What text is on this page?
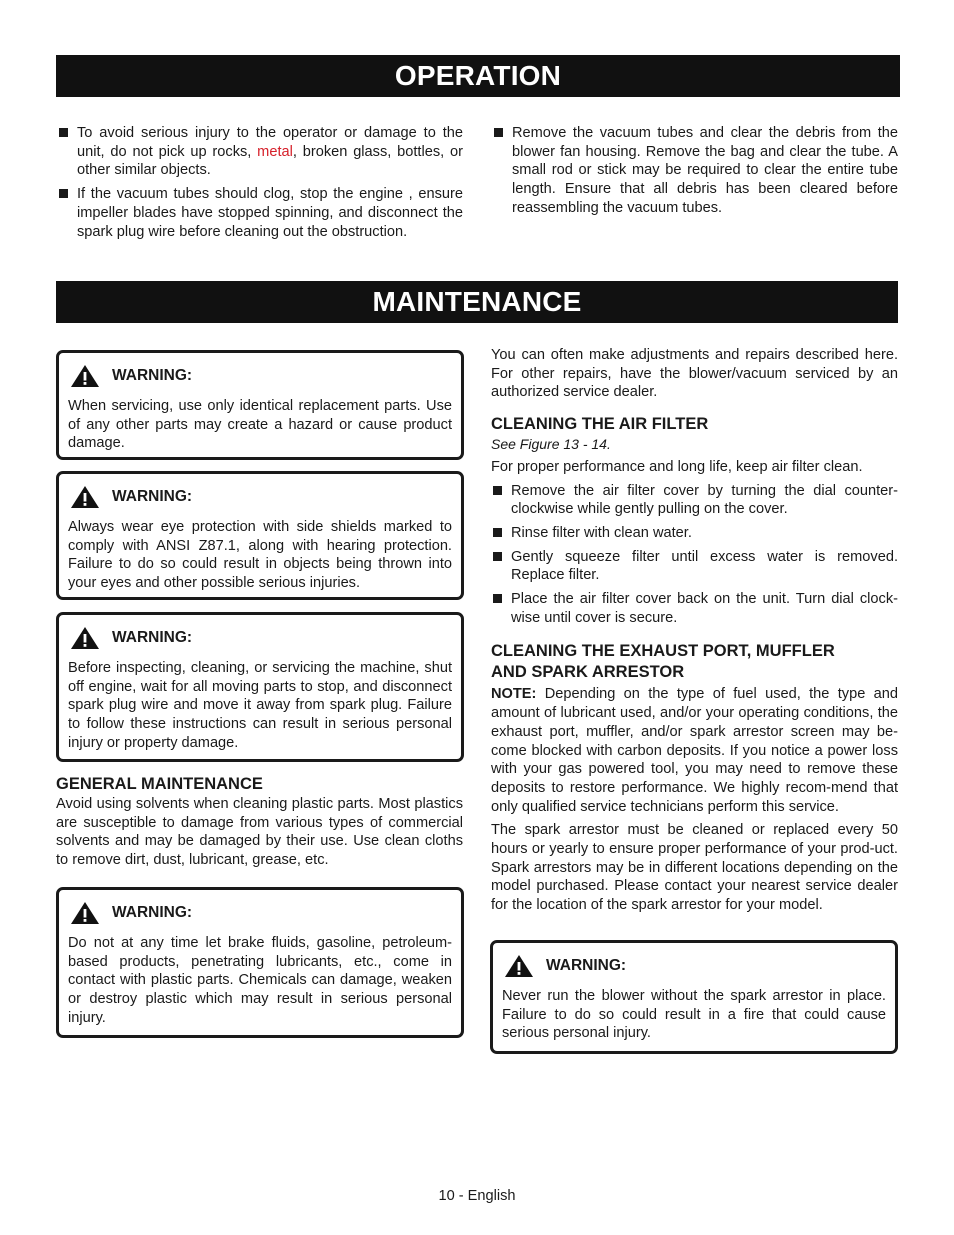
OPERATION
To avoid serious injury to the operator or damage to the unit, do not pick up rocks, metal, broken glass, bottles, or other similar objects.
If the vacuum tubes should clog, stop the engine , ensure impeller blades have stopped spinning, and disconnect the spark plug wire before cleaning out the obstruction.
Remove the vacuum tubes and clear the debris from the blower fan housing. Remove the bag and clear the tube. A small rod or stick may be required to clear the entire tube length. Ensure that all debris has been cleared before reassembling the vacuum tubes.
MAINTENANCE
WARNING:

When servicing, use only identical replacement parts. Use of any other parts may create a hazard or cause product damage.

WARNING:

Always wear eye protection with side shields marked to comply with ANSI Z87.1, along with hearing protection. Failure to do so could result in objects being thrown into your eyes and other possible serious injuries.

WARNING:

Before inspecting, cleaning, or servicing the machine, shut off engine, wait for all moving parts to stop, and disconnect spark plug wire and move it away from spark plug. Failure to follow these instructions can result in serious personal injury or property damage.

GENERAL MAINTENANCE

Avoid using solvents when cleaning plastic parts. Most plastics are susceptible to damage from various types of commercial solvents and may be damaged by their use. Use clean cloths to remove dirt, dust, lubricant, grease, etc.

WARNING:

Do not at any time let brake fluids, gasoline, petroleum-based products, penetrating lubricants, etc., come in contact with plastic parts. Chemicals can damage, weaken or destroy plastic which may result in serious personal injury.

You can often make adjustments and repairs described here. For other repairs, have the blower/vacuum serviced by an authorized service dealer.

CLEANING THE AIR FILTER

See Figure 13 - 14.

For proper performance and long life, keep air filter clean.

Remove the air filter cover by turning the dial counter-clockwise while gently pulling on the cover.
Rinse filter with clean water.
Gently squeeze filter until excess water is removed. Replace filter.
Place the air filter cover back on the unit. Turn dial clock-wise until cover is secure.
CLEANING THE EXHAUST PORT, MUFFLER
AND SPARK ARRESTOR

NOTE: Depending on the type of fuel used, the type and amount of lubricant used, and/or your operating conditions, the exhaust port, muffler, and/or spark arrestor screen may be-come blocked with carbon deposits. If you notice a power loss with your gas powered tool, you may need to remove these deposits to restore performance. We highly recom-mend that only qualified service technicians perform this service.

The spark arrestor must be cleaned or replaced every 50 hours or yearly to ensure proper performance of your prod-uct. Spark arrestors may be in different locations depending on the model purchased. Please contact your nearest service dealer for the location of the spark arrestor for your model.

WARNING:

Never run the blower without the spark arrestor in place. Failure to do so could result in a fire that could cause serious personal injury.

10 - English
